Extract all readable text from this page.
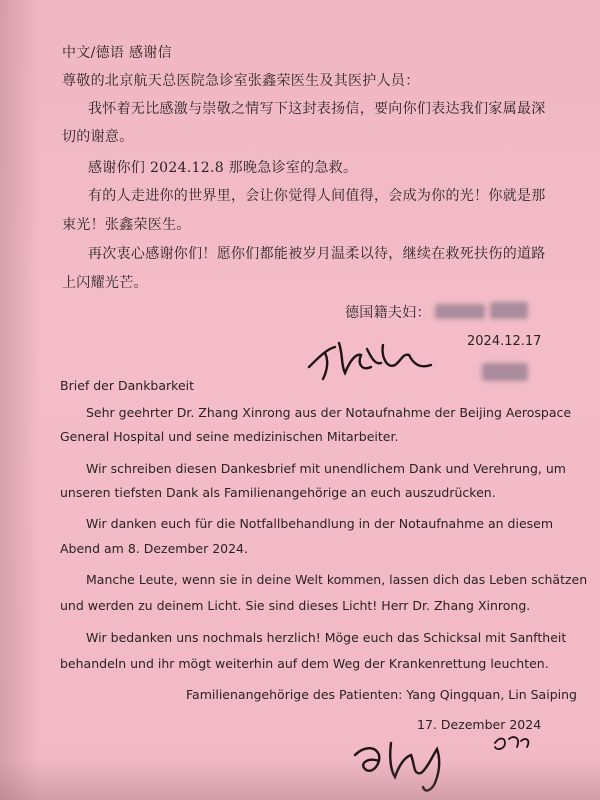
中文/德语 感谢信
尊敬的北京航天总医院急诊室张鑫荣医生及其医护人员：
我怀着无比感激与崇敬之情写下这封表扬信，要向你们表达我们家属最深
切的谢意。
感谢你们 2024.12.8 那晚急诊室的急救。
有的人走进你的世界里，会让你觉得人间值得，会成为你的光！你就是那
束光！张鑫荣医生。
再次衷心感谢你们！愿你们都能被岁月温柔以待，继续在救死扶伤的道路
上闪耀光芒。
德国籍夫妇：
2024.12.17
Brief der Dankbarkeit
Sehr geehrter Dr. Zhang Xinrong aus der Notaufnahme der Beijing Aerospace
General Hospital und seine medizinischen Mitarbeiter.
Wir schreiben diesen Dankesbrief mit unendlichem Dank und Verehrung, um
unseren tiefsten Dank als Familienangehörige an euch auszudrücken.
Wir danken euch für die Notfallbehandlung in der Notaufnahme an diesem
Abend am 8. Dezember 2024.
Manche Leute, wenn sie in deine Welt kommen, lassen dich das Leben schätzen
und werden zu deinem Licht. Sie sind dieses Licht! Herr Dr. Zhang Xinrong.
Wir bedanken uns nochmals herzlich! Möge euch das Schicksal mit Sanftheit
behandeln und ihr mögt weiterhin auf dem Weg der Krankenrettung leuchten.
Familienangehörige des Patienten: Yang Qingquan, Lin Saiping
17. Dezember 2024
